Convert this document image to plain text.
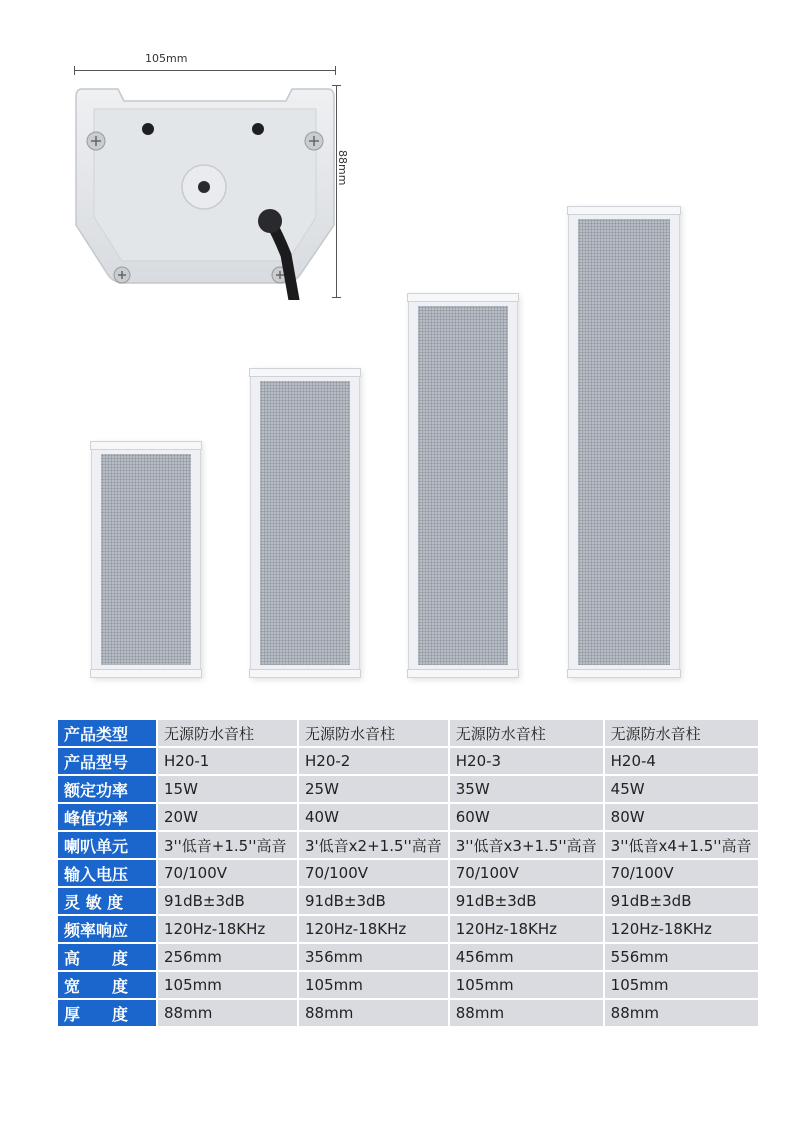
105mm
88mm
产品类型	无源防水音柱	无源防水音柱	无源防水音柱	无源防水音柱
产品型号	H20-1	H20-2	H20-3	H20-4
额定功率	15W	25W	35W	45W
峰值功率	20W	40W	60W	80W
喇叭单元	3''低音+1.5''高音	3'低音x2+1.5''高音	3''低音x3+1.5''高音	3''低音x4+1.5''高音
输入电压	70/100V	70/100V	70/100V	70/100V
灵 敏 度	91dB±3dB	91dB±3dB	91dB±3dB	91dB±3dB
频率响应	120Hz-18KHz	120Hz-18KHz	120Hz-18KHz	120Hz-18KHz
高　　度	256mm	356mm	456mm	556mm
宽　　度	105mm	105mm	105mm	105mm
厚　　度	88mm	88mm	88mm	88mm
